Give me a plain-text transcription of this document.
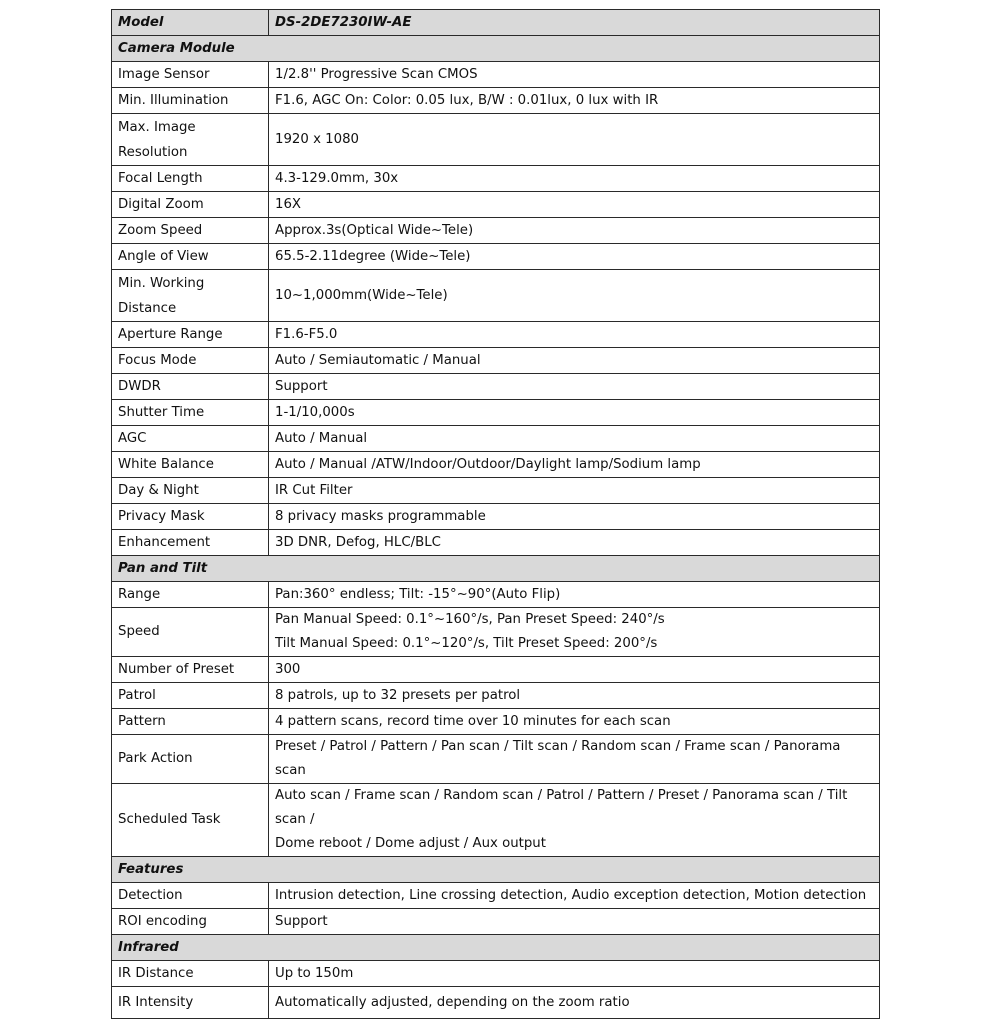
Model	DS-2DE7230IW-AE
Camera Module	
Image Sensor	1/2.8'' Progressive Scan CMOS

Min. Illumination	F1.6, AGC On: Color: 0.05 lux, B/W : 0.01lux, 0 lux with IR

Max. Image Resolution	1920 x 1080

Focal Length	4.3-129.0mm, 30x

Digital Zoom	16X

Zoom Speed	Approx.3s(Optical Wide~Tele)

Angle of View	65.5-2.11degree (Wide~Tele)

Min. Working Distance	10~1,000mm(Wide~Tele)

Aperture Range	F1.6-F5.0

Focus Mode	Auto / Semiautomatic / Manual

DWDR	Support

Shutter Time	1-1/10,000s

AGC	Auto / Manual

White Balance	Auto / Manual /ATW/Indoor/Outdoor/Daylight lamp/Sodium lamp

Day & Night	IR Cut Filter

Privacy Mask	8 privacy masks programmable

Enhancement	3D DNR, Defog, HLC/BLC

Pan and Tilt	
Range	Pan:360° endless; Tilt: -15°~90°(Auto Flip)

Speed	Pan Manual Speed: 0.1°~160°/s, Pan Preset Speed: 240°/s
Tilt Manual Speed: 0.1°~120°/s, Tilt Preset Speed: 200°/s

Number of Preset	300

Patrol	8 patrols, up to 32 presets per patrol

Pattern	4 pattern scans, record time over 10 minutes for each scan

Park Action	Preset / Patrol / Pattern / Pan scan / Tilt scan / Random scan / Frame scan / Panorama scan

Scheduled Task	Auto scan / Frame scan / Random scan / Patrol / Pattern / Preset / Panorama scan / Tilt scan /
Dome reboot / Dome adjust / Aux output

Features	
Detection	Intrusion detection, Line crossing detection, Audio exception detection, Motion detection

ROI encoding	Support

Infrared	
IR Distance	Up to 150m

IR Intensity	Automatically adjusted, depending on the zoom ratio
